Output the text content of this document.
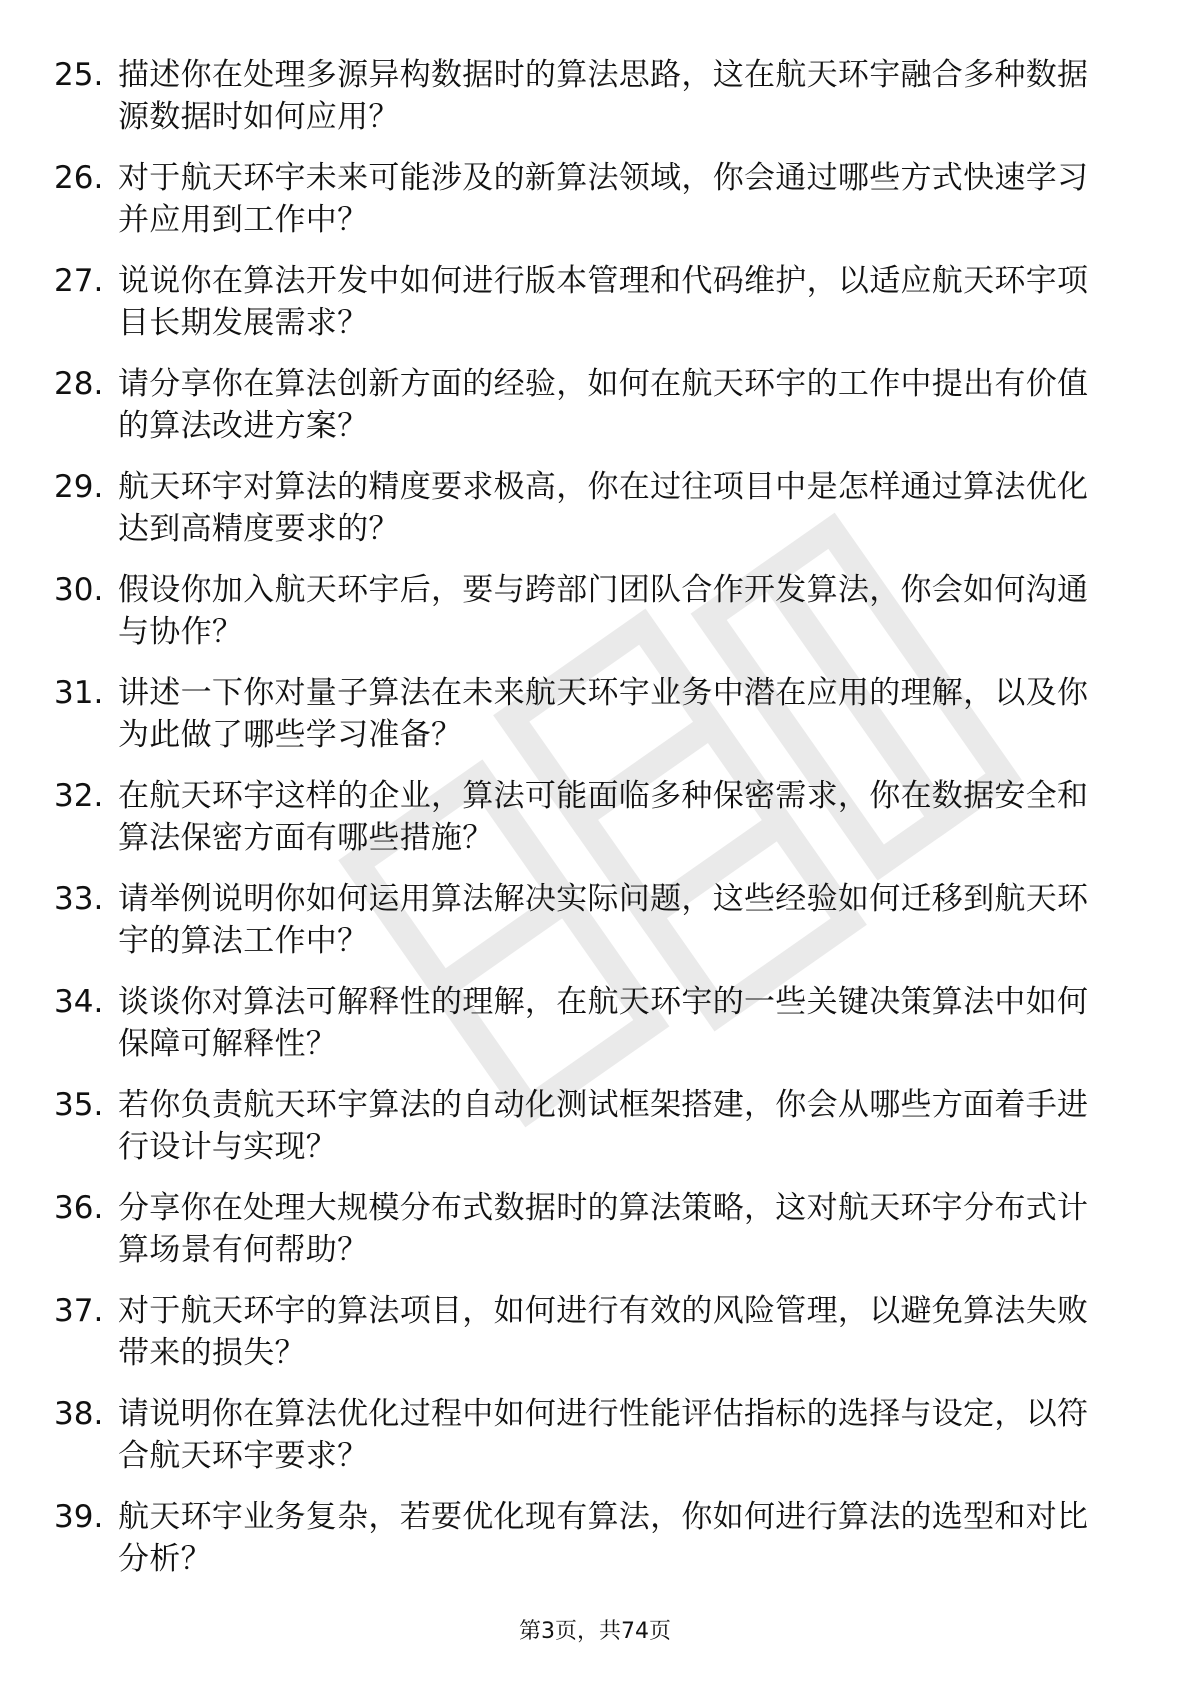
25. 描述你在处理多源异构数据时的算法思路，这在航天环宇融合多种数据源数据时如何应用？
26. 对于航天环宇未来可能涉及的新算法领域，你会通过哪些方式快速学习并应用到工作中？
27. 说说你在算法开发中如何进行版本管理和代码维护，以适应航天环宇项目长期发展需求？
28. 请分享你在算法创新方面的经验，如何在航天环宇的工作中提出有价值的算法改进方案？
29. 航天环宇对算法的精度要求极高，你在过往项目中是怎样通过算法优化达到高精度要求的？
30. 假设你加入航天环宇后，要与跨部门团队合作开发算法，你会如何沟通与协作？
31. 讲述一下你对量子算法在未来航天环宇业务中潜在应用的理解，以及你为此做了哪些学习准备？
32. 在航天环宇这样的企业，算法可能面临多种保密需求，你在数据安全和算法保密方面有哪些措施？
33. 请举例说明你如何运用算法解决实际问题，这些经验如何迁移到航天环宇的算法工作中？
34. 谈谈你对算法可解释性的理解，在航天环宇的一些关键决策算法中如何保障可解释性？
35. 若你负责航天环宇算法的自动化测试框架搭建，你会从哪些方面着手进行设计与实现？
36. 分享你在处理大规模分布式数据时的算法策略，这对航天环宇分布式计算场景有何帮助？
37. 对于航天环宇的算法项目，如何进行有效的风险管理，以避免算法失败带来的损失？
38. 请说明你在算法优化过程中如何进行性能评估指标的选择与设定，以符合航天环宇要求？
39. 航天环宇业务复杂，若要优化现有算法，你如何进行算法的选型和对比分析？
第3页，共74页
